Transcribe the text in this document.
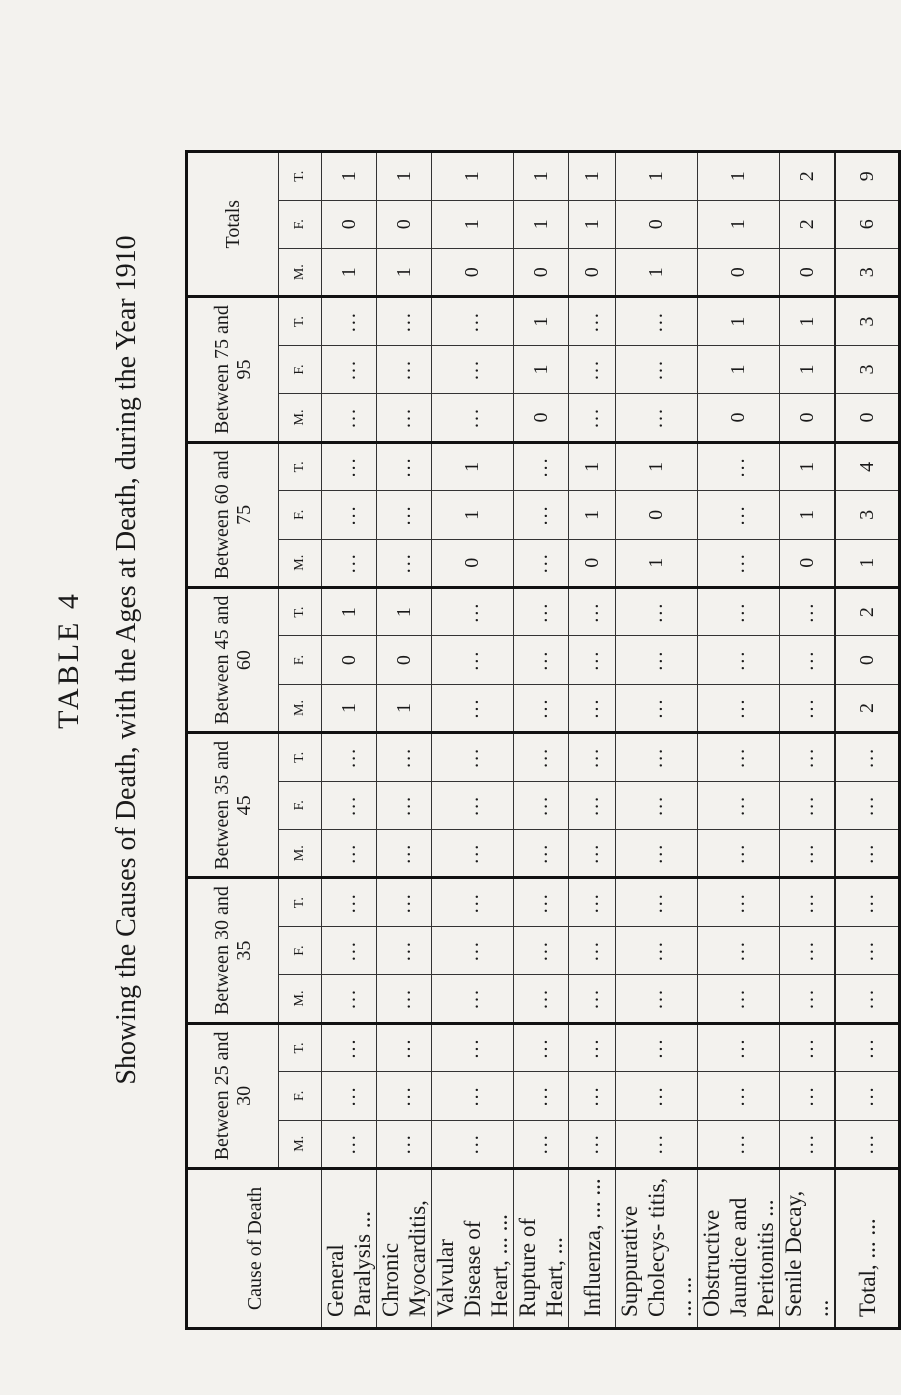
TABLE 4 Showing the Causes of Death, with the Ages at Death, during the Year 1910
Cause of Death	Between 25 and 30			Between 30 and 35			Between 35 and 45			Between 45 and 60			Between 60 and 75			Between 75 and 95			Totals		
	M.	F.	T.	M.	F.	T.	M.	F.	T.	M.	F.	T.	M.	F.	T.	M.	F.	T.	M.	F.	T.
General Paralysis ...	...	...	...	...	...	...	...	...	...	1	0	1	...	...	...	...	...	...	1	0	1
Chronic Myocarditis,	...	...	...	...	...	...	...	...	...	1	0	1	...	...	...	...	...	...	1	0	1
Valvular Disease of Heart, ... ...	...	...	...	...	...	...	...	...	...	...	...	...	0	1	1	...	...	...	0	1	1
Rupture of Heart, ...	...	...	...	...	...	...	...	...	...	...	...	...	...	...	...	0	1	1	0	1	1
Influenza, ... ...	...	...	...	...	...	...	...	...	...	...	...	...	0	1	1	...	...	...	0	1	1
Suppurative Cholecys- titis, ... ...	...	...	...	...	...	...	...	...	...	...	...	...	1	0	1	...	...	...	1	0	1
Obstructive Jaundice and Peritonitis ...	...	...	...	...	...	...	...	...	...	...	...	...	...	...	...	0	1	1	0	1	1
Senile Decay, ...	...	...	...	...	...	...	...	...	...	...	...	...	0	1	1	0	1	1	0	2	2
Total, ... ...	...	...	...	...	...	...	...	...	...	2	0	2	1	3	4	0	3	3	3	6	9
